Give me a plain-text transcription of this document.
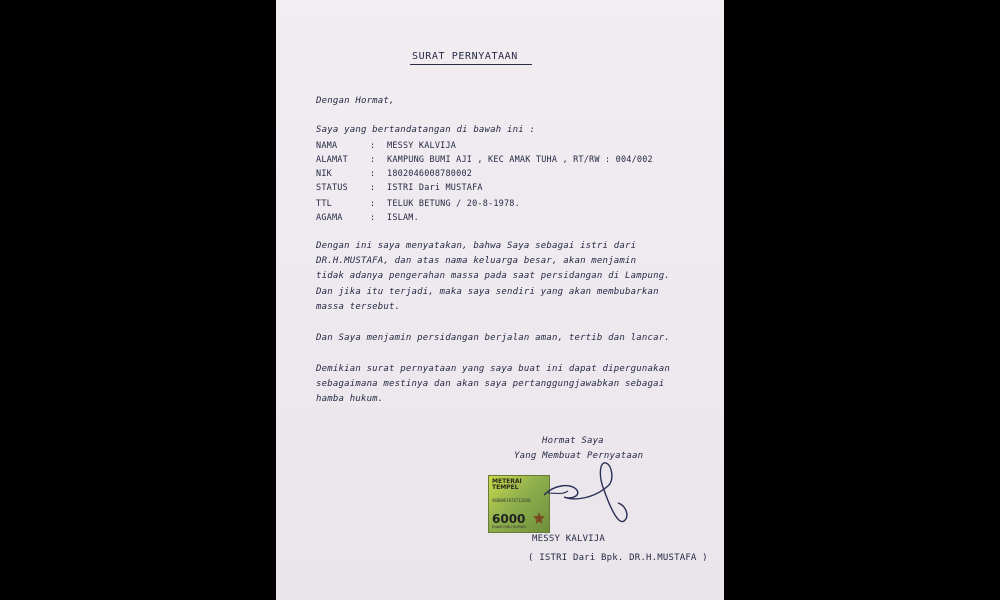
SURAT PERNYATAAN
Dengan Hormat,
Saya yang bertandatangan di bawah ini :
NAMA	: MESSY KALVIJA
ALAMAT	: KAMPUNG BUMI AJI , KEC AMAK TUHA , RT/RW : 004/002
NIK	: 1802046008780002
STATUS	: ISTRI Dari MUSTAFA
TTL	: TELUK BETUNG / 20-8-1978.
AGAMA	: ISLAM.
Dengan ini saya menyatakan, bahwa Saya sebagai istri dari
DR.H.MUSTAFA, dan atas nama keluarga besar, akan menjamin
tidak adanya pengerahan massa pada saat persidangan di Lampung.
Dan jika itu terjadi, maka saya sendiri yang akan membubarkan
massa tersebut.
Dan Saya menjamin persidangan berjalan aman, tertib dan lancar.
Demikian surat pernyataan yang saya buat ini dapat dipergunakan
sebagaimana mestinya dan akan saya pertanggungjawabkan sebagai
hamba hukum.
Hormat Saya
Yang Membuat Pernyataan
METERAI TEMPEL
A6DBAEF876712058
6000
ENAM RIBU RUPIAH
MESSY KALVIJA
( ISTRI Dari Bpk. DR.H.MUSTAFA )
